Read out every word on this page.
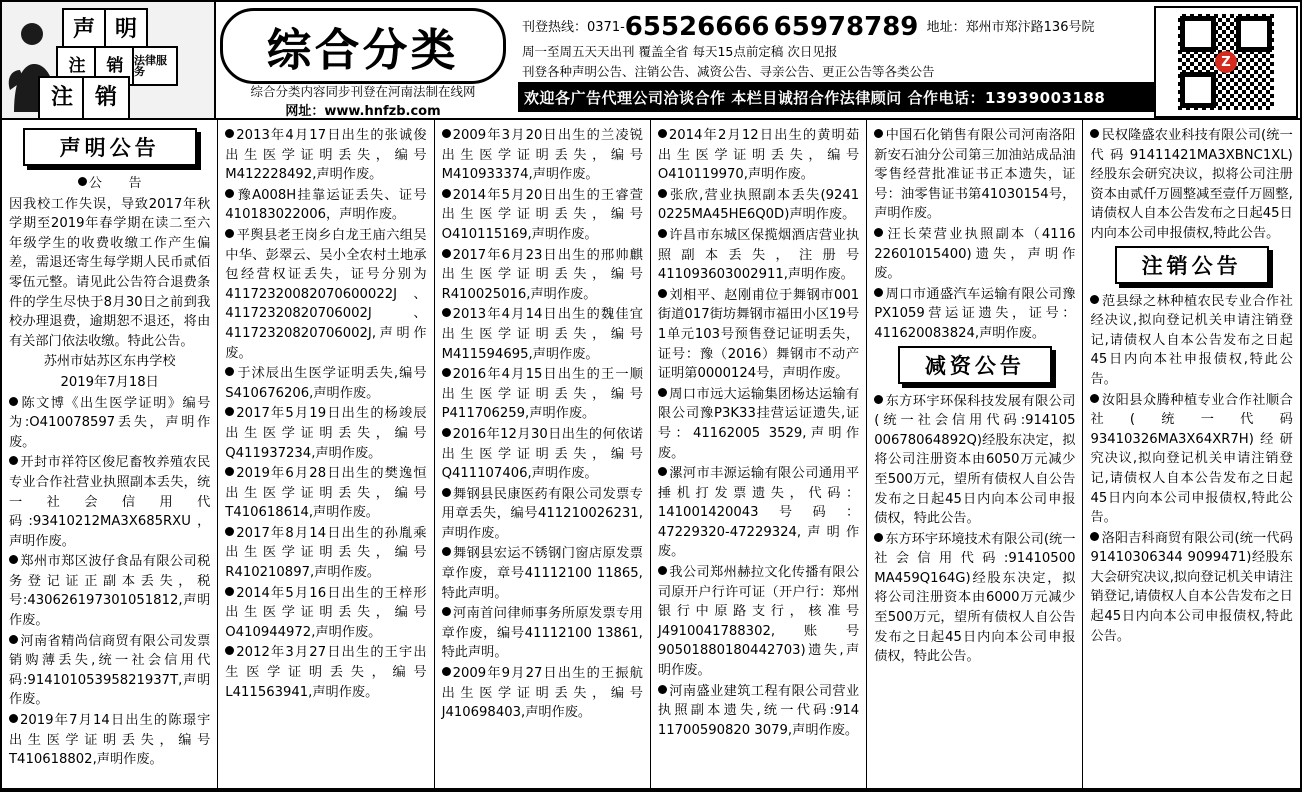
声 明
注	销 法律服务
注 销
综合分类
综合分类内容同步刊登在河南法制在线网
网址：www.hnfzb.com
刊登热线：0371-65526666 65978789 地址：郑州市郑汴路136号院
周一至周五天天出刊 覆盖全省 每天15点前定稿 次日见报
刊登各种声明公告、注销公告、减资公告、寻亲公告、更正公告等各类公告
欢迎各广告代理公司洽谈合作 本栏目诚招合作法律顾问 合作电话：13939003188
Z
声明公告

公　　告

因我校工作失误，导致2017年秋学期至2019年春学期在读二至六年级学生的收费收缴工作产生偏差，需退还寄生每学期人民币贰佰零伍元整。请见此公告符合退费条件的学生尽快于8月30日之前到我校办理退费，逾期恕不退还，将由有关部门依法收缴。特此公告。

苏州市姑苏区东冉学校

2019年7月18日

陈文博《出生医学证明》编号为:O410078597丢失，声明作废。

开封市祥符区俊尼畜牧养殖农民专业合作社营业执照副本丢失，统一社会信用代码:93410212MA3X685RXU，声明作废。

郑州市郑区波仔食品有限公司税务登记证正副本丢失，税号:430626197301051812,声明作废。

河南省精尚信商贸有限公司发票销购薄丢失,统一社会信用代码:91410105395821937T,声明作废。

2019年7月14日出生的陈璟宇出生医学证明丢失，编号T410618802,声明作废。

2013年4月17日出生的张诚俊出生医学证明丢失，编号M412228492,声明作废。

豫A008H挂靠运证丢失、证号410183022006，声明作废。

平舆县老王岗乡白龙王庙六组吴中华、彭翠云、吴小全农村土地承包经营权证丢失，证号分别为41172320082070600022J、41172320820706002J、41172320820706002J,声明作废。

于沭辰出生医学证明丢失,编号S410676206,声明作废。

2017年5月19日出生的杨竣辰出生医学证明丢失，编号Q411937234,声明作废。

2019年6月28日出生的樊逸恒出生医学证明丢失，编号T410618614,声明作废。

2017年8月14日出生的孙胤乘出生医学证明丢失，编号R410210897,声明作废。

2014年5月16日出生的王梓形出生医学证明丢失，编号O410944972,声明作废。

2012年3月27日出生的王宇出生医学证明丢失，编号L411563941,声明作废。

2009年3月20日出生的兰凌锐出生医学证明丢失，编号M410933374,声明作废。

2014年5月20日出生的王睿萱出生医学证明丢失，编号O410115169,声明作废。

2017年6月23日出生的邢帅麒出生医学证明丢失，编号R410025016,声明作废。

2013年4月14日出生的魏佳宜出生医学证明丢失，编号M411594695,声明作废。

2016年4月15日出生的王一顺出生医学证明丢失，编号P411706259,声明作废。

2016年12月30日出生的何依诺出生医学证明丢失，编号Q411107406,声明作废。

舞钢县民康医药有限公司发票专用章丢失，编号411210026231,声明作废。

舞钢县宏运不锈钢门窗店原发票章作废，章号41112100 11865,特此声明。

河南首问律师事务所原发票专用章作废，编号41112100 13861,特此声明。

2009年9月27日出生的王振航出生医学证明丢失，编号J410698403,声明作废。

2014年2月12日出生的黄明茹出生医学证明丢失，编号O410119970,声明作废。

张欣,营业执照副本丢失(9241 0225MA45HE6Q0D)声明作废。

许昌市东城区保揽烟酒店营业执照副本丢失，注册号411093603002911,声明作废。

刘相平、赵刚甫位于舞钢市001街道017街坊舞钢市福田小区19号1单元103号预售登记证明丢失，证号：豫（2016）舞钢市不动产证明第0000124号，声明作废。

周口市远大运输集团杨达运输有限公司豫P3K33挂营运证遗失,证号：41162005 3529,声明作废。

漯河市丰源运输有限公司通用平捶机打发票遗失，代码：141001420043号码：47229320-47229324,声明作废。

我公司郑州赫拉文化传播有限公司原开户行许可证（开户行：郑州银行中原路支行，核准号J4910041788302,账号90501880180442703)遗失,声明作废。

河南盛业建筑工程有限公司营业执照副本遗失,统一代码:914 11700590820 3079,声明作废。

中国石化销售有限公司河南洛阳新安石油分公司第三加油站成品油零售经营批准证书正本遗失，证号：油零售证书第41030154号，声明作废。

汪长荣营业执照副本（4116 22601015400)遗失，声明作废。

周口市通盛汽车运输有限公司豫PX1059营运证遗失，证号：411620083824,声明作废。

减资公告

东方环宇环保科技发展有限公司(统一社会信用代码:914105 00678064892Q)经股东决定，拟将公司注册资本由6050万元减少至500万元，望所有债权人自公告发布之日起45日内向本公司申报债权，特此公告。

东方环宇环境技术有限公司(统一社会信用代码:91410500 MA459Q164G)经股东决定，拟将公司注册资本由6000万元减少至500万元，望所有债权人自公告发布之日起45日内向本公司申报债权，特此公告。

民权隆盛农业科技有限公司(统一代码91411421MA3XBNC1XL)经股东会研究决议，拟将公司注册资本由贰仟万圆整减至壹仟万圆整,请债权人自本公告发布之日起45日内向本公司申报债权,特此公告。

注销公告

范县绿之林种植农民专业合作社经决议,拟向登记机关申请注销登记,请债权人自本公告发布之日起45日内向本社申报债权,特此公告。

汝阳县众腾种植专业合作社顺合社(统一代码93410326MA3X64XR7H)经研究决议,拟向登记机关申请注销登记,请债权人自本公告发布之日起45日内向本公司申报债权,特此公告。

洛阳吉科商贸有限公司(统一代码91410306344 9099471)经股东大会研究决议,拟向登记机关申请注销登记,请债权人自本公告发布之日起45日内向本公司申报债权,特此公告。
